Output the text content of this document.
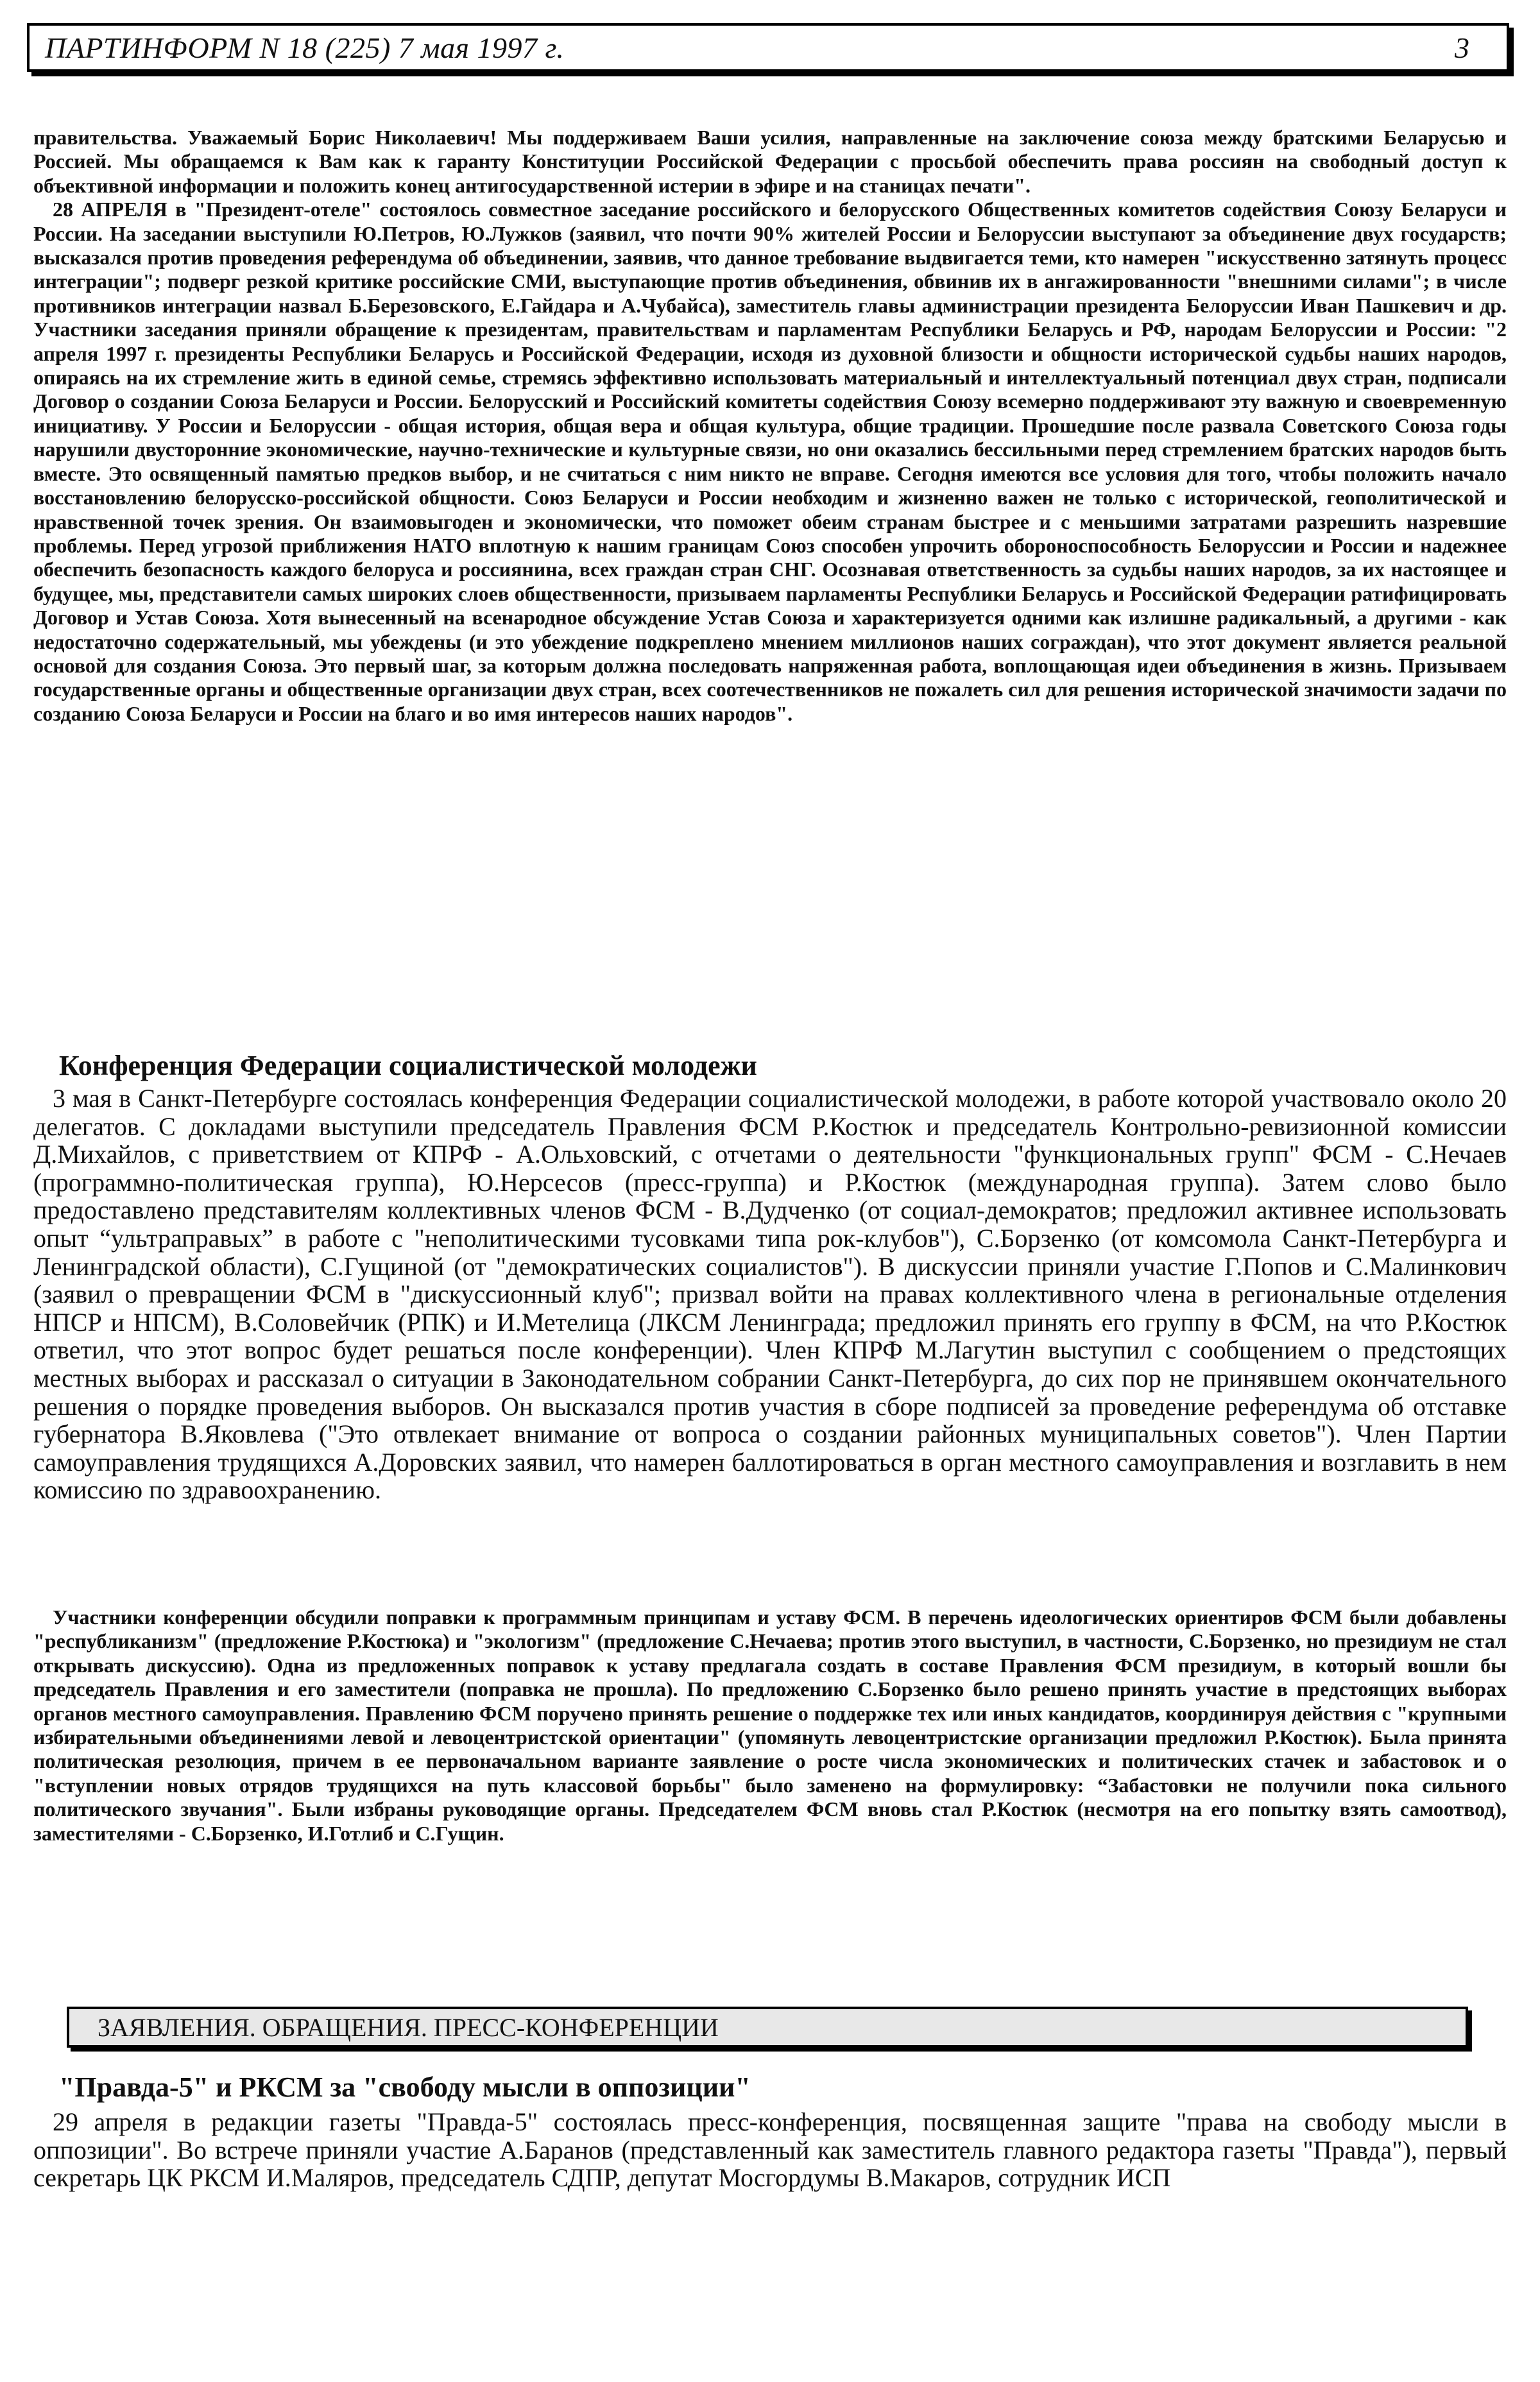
ПАРТИНФОРМ N 18 (225) 7 мая 1997 г.	3

правительства. Уважаемый Борис Николаевич! Мы поддерживаем Ваши усилия, направленные на заключение союза между братскими Беларусью и Россией. Мы обращаемся к Вам как к гаранту Конституции Российской Федерации с просьбой обеспечить права россиян на свободный доступ к объективной информации и положить конец антигосударственной истерии в эфире и на станицах печати".

28 АПРЕЛЯ в "Президент-отеле" состоялось совместное заседание российского и белорусского Общественных комитетов содействия Союзу Беларуси и России. На заседании выступили Ю.Петров, Ю.Лужков (заявил, что почти 90% жителей России и Белоруссии выступают за объединение двух государств; высказался против проведения референдума об объединении, заявив, что данное требование выдвигается теми, кто намерен "искусственно затянуть процесс интеграции"; подверг резкой критике российские СМИ, выступающие против объединения, обвинив их в ангажированности "внешними силами"; в числе противников интеграции назвал Б.Березовского, Е.Гайдара и А.Чубайса), заместитель главы администрации президента Белоруссии Иван Пашкевич и др. Участники заседания приняли обращение к президентам, правительствам и парламентам Республики Беларусь и РФ, народам Белоруссии и России: "2 апреля 1997 г. президенты Республики Беларусь и Российской Федерации, исходя из духовной близости и общности исторической судьбы наших народов, опираясь на их стремление жить в единой семье, стремясь эффективно использовать материальный и интеллектуальный потенциал двух стран, подписали Договор о создании Союза Беларуси и России. Белорусский и Российский комитеты содействия Союзу всемерно поддерживают эту важную и своевременную инициативу. У России и Белоруссии - общая история, общая вера и общая культура, общие традиции. Прошедшие после развала Советского Союза годы нарушили двусторонние экономические, научно-технические и культурные связи, но они оказались бессильными перед стремлением братских народов быть вместе. Это освященный памятью предков выбор, и не считаться с ним никто не вправе. Сегодня имеются все условия для того, чтобы положить начало восстановлению белорусско-российской общности. Союз Беларуси и России необходим и жизненно важен не только с исторической, геополитической и нравственной точек зрения. Он взаимовыгоден и экономически, что поможет обеим странам быстрее и с меньшими затратами разрешить назревшие проблемы. Перед угрозой приближения НАТО вплотную к нашим границам Союз способен упрочить обороноспособность Белоруссии и России и надежнее обеспечить безопасность каждого белоруса и россиянина, всех граждан стран СНГ. Осознавая ответственность за судьбы наших народов, за их настоящее и будущее, мы, представители самых широких слоев общественности, призываем парламенты Республики Беларусь и Российской Федерации ратифицировать Договор и Устав Союза. Хотя вынесенный на всенародное обсуждение Устав Союза и характеризуется одними как излишне радикальный, а другими - как недостаточно содержательный, мы убеждены (и это убеждение подкреплено мнением миллионов наших сограждан), что этот документ является реальной основой для создания Союза. Это первый шаг, за которым должна последовать напряженная работа, воплощающая идеи объединения в жизнь. Призываем государственные органы и общественные организации двух стран, всех соотечественников не пожалеть сил для решения исторической значимости задачи по созданию Союза Беларуси и России на благо и во имя интересов наших народов".

Конференция Федерации социалистической молодежи

3 мая в Санкт-Петербурге состоялась конференция Федерации социалистической молодежи, в работе которой участвовало около 20 делегатов. С докладами выступили председатель Правления ФСМ Р.Костюк и председатель Контрольно-ревизионной комиссии Д.Михайлов, с приветствием от КПРФ - А.Ольховский, с отчетами о деятельности "функциональных групп" ФСМ - С.Нечаев (программно-политическая группа), Ю.Нерсесов (пресс-группа) и Р.Костюк (международная группа). Затем слово было предоставлено представителям коллективных членов ФСМ - В.Дудченко (от социал-демократов; предложил активнее использовать опыт “ультраправых” в работе с "неполитическими тусовками типа рок-клубов"), С.Борзенко (от комсомола Санкт-Петербурга и Ленинградской области), С.Гущиной (от "демократических социалистов"). В дискуссии приняли участие Г.Попов и С.Малинкович (заявил о превращении ФСМ в "дискуссионный клуб"; призвал войти на правах коллективного члена в региональные отделения НПСР и НПСМ), В.Соловейчик (РПК) и И.Метелица (ЛКСМ Ленинграда; предложил принять его группу в ФСМ, на что Р.Костюк ответил, что этот вопрос будет решаться после конференции). Член КПРФ М.Лагутин выступил с сообщением о предстоящих местных выборах и рассказал о ситуации в Законодательном собрании Санкт-Петербурга, до сих пор не принявшем окончательного решения о порядке проведения выборов. Он высказался против участия в сборе подписей за проведение референдума об отставке губернатора В.Яковлева ("Это отвлекает внимание от вопроса о создании районных муниципальных советов"). Член Партии самоуправления трудящихся А.Доровских заявил, что намерен баллотироваться в орган местного самоуправления и возглавить в нем комиссию по здравоохранению.

Участники конференции обсудили поправки к программным принципам и уставу ФСМ. В перечень идеологических ориентиров ФСМ были добавлены "республиканизм" (предложение Р.Костюка) и "экологизм" (предложение С.Нечаева; против этого выступил, в частности, С.Борзенко, но президиум не стал открывать дискуссию). Одна из предложенных поправок к уставу предлагала создать в составе Правления ФСМ президиум, в который вошли бы председатель Правления и его заместители (поправка не прошла). По предложению С.Борзенко было решено принять участие в предстоящих выборах органов местного самоуправления. Правлению ФСМ поручено принять решение о поддержке тех или иных кандидатов, координируя действия с "крупными избирательными объединениями левой и левоцентристской ориентации" (упомянуть левоцентристские организации предложил Р.Костюк). Была принята политическая резолюция, причем в ее первоначальном варианте заявление о росте числа экономических и политических стачек и забастовок и о "вступлении новых отрядов трудящихся на путь классовой борьбы" было заменено на формулировку: “Забастовки не получили пока сильного политического звучания". Были избраны руководящие органы. Председателем ФСМ вновь стал Р.Костюк (несмотря на его попытку взять самоотвод), заместителями - С.Борзенко, И.Готлиб и С.Гущин.

ЗАЯВЛЕНИЯ. ОБРАЩЕНИЯ. ПРЕСС-КОНФЕРЕНЦИИ
"Правда-5" и РКСМ за "свободу мысли в оппозиции"

29 апреля в редакции газеты "Правда-5" состоялась пресс-конференция, посвященная защите "права на свободу мысли в оппозиции". Во встрече приняли участие А.Баранов (представленный как заместитель главного редактора газеты "Правда"), первый секретарь ЦК РКСМ И.Маляров, председатель СДПР, депутат Мосгордумы В.Макаров, сотрудник ИСП
